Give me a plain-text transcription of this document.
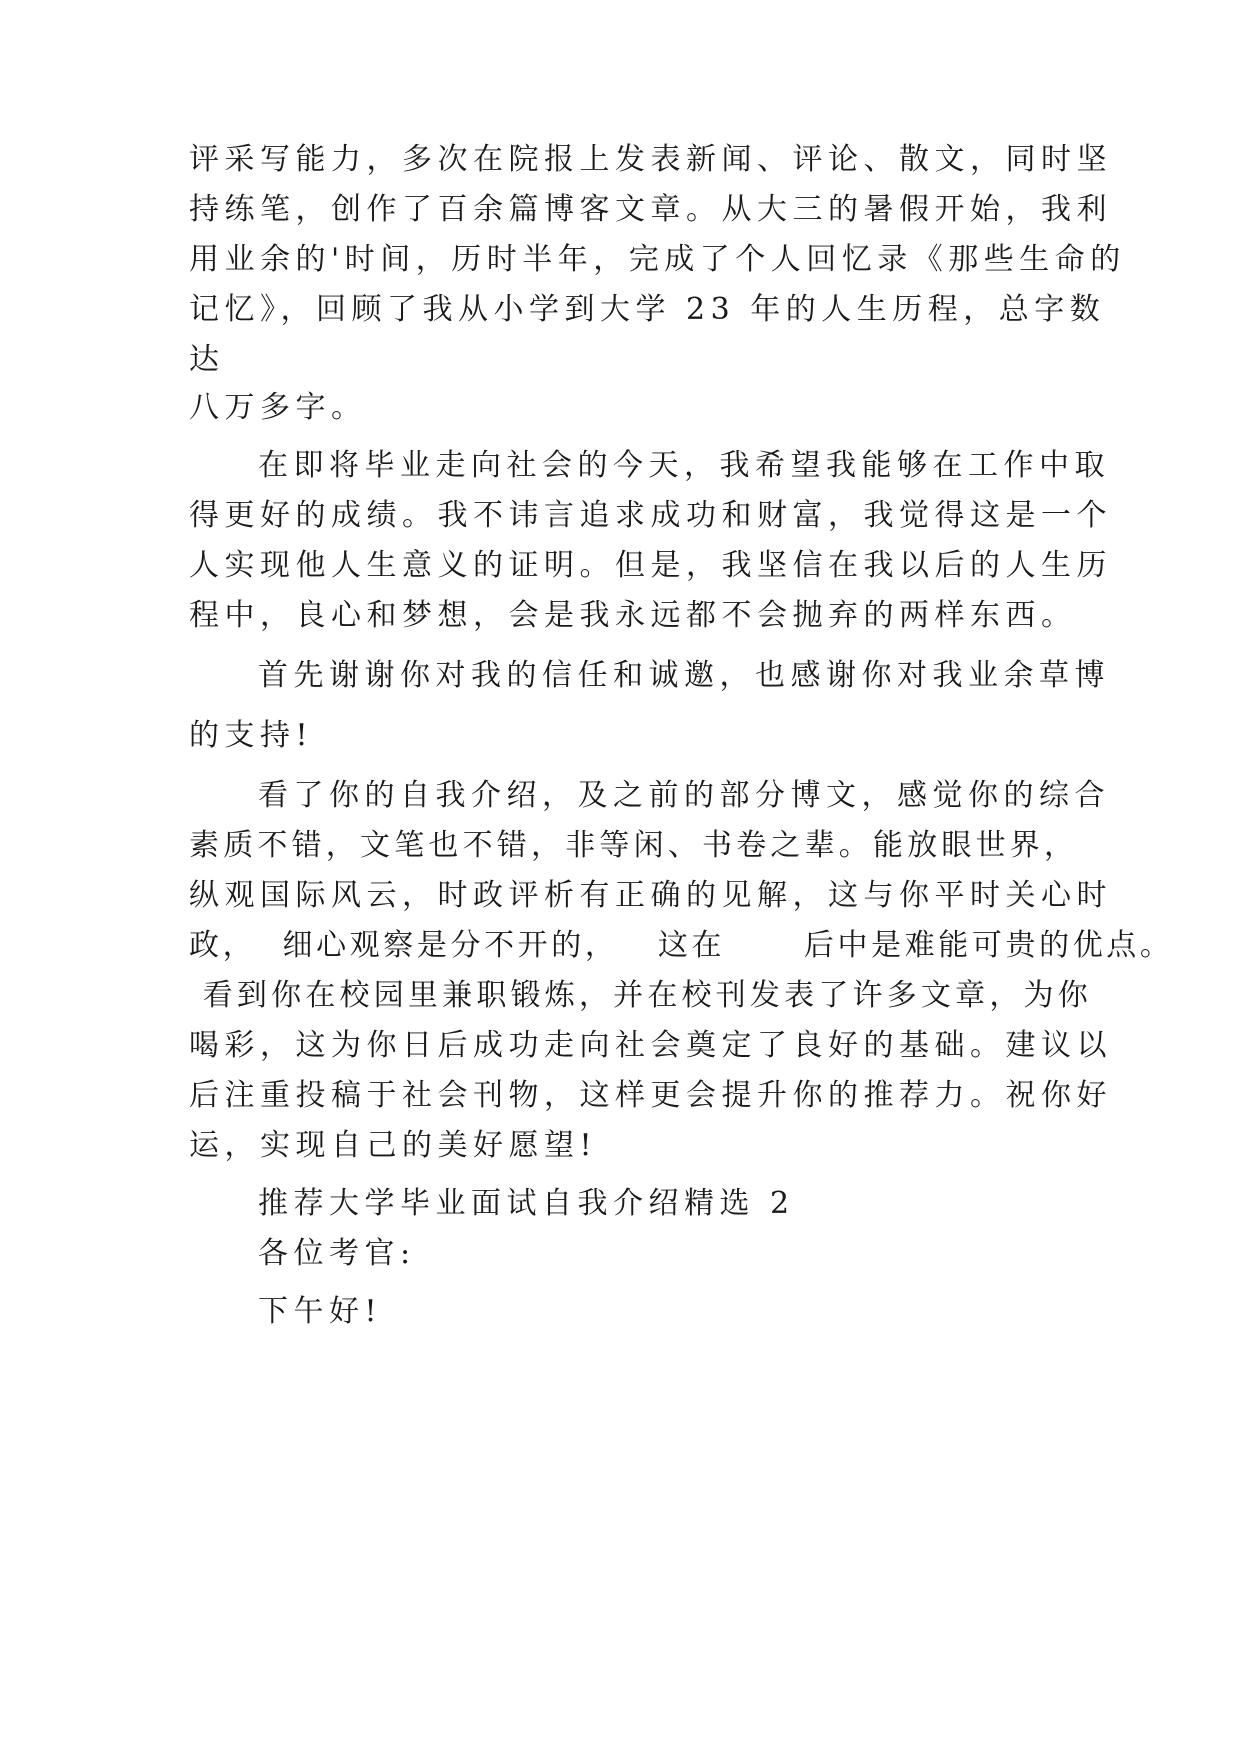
评采写能力，多次在院报上发表新闻、评论、散文，同时坚

持练笔，创作了百余篇博客文章。从大三的暑假开始，我利

用业余的'时间，历时半年，完成了个人回忆录《那些生命的

记忆》，回顾了我从小学到大学 23 年的人生历程，总字数

达

八万多字。

在即将毕业走向社会的今天，我希望我能够在工作中取

得更好的成绩。我不讳言追求成功和财富，我觉得这是一个

人实现他人生意义的证明。但是，我坚信在我以后的人生历

程中，良心和梦想，会是我永远都不会抛弃的两样东西。

首先谢谢你对我的信任和诚邀，也感谢你对我业余草博

的支持!

看了你的自我介绍，及之前的部分博文，感觉你的综合

素质不错，文笔也不错，非等闲、书卷之辈。能放眼世界，

纵观国际风云，时政评析有正确的见解，这与你平时关心时

政，  细心观察是分不开的，   这在      后中是难能可贵的优点。

看到你在校园里兼职锻炼，并在校刊发表了许多文章，为你

喝彩，这为你日后成功走向社会奠定了良好的基础。建议以

后注重投稿于社会刊物，这样更会提升你的推荐力。祝你好

运，实现自己的美好愿望!

推荐大学毕业面试自我介绍精选 2

各位考官:

下午好!
